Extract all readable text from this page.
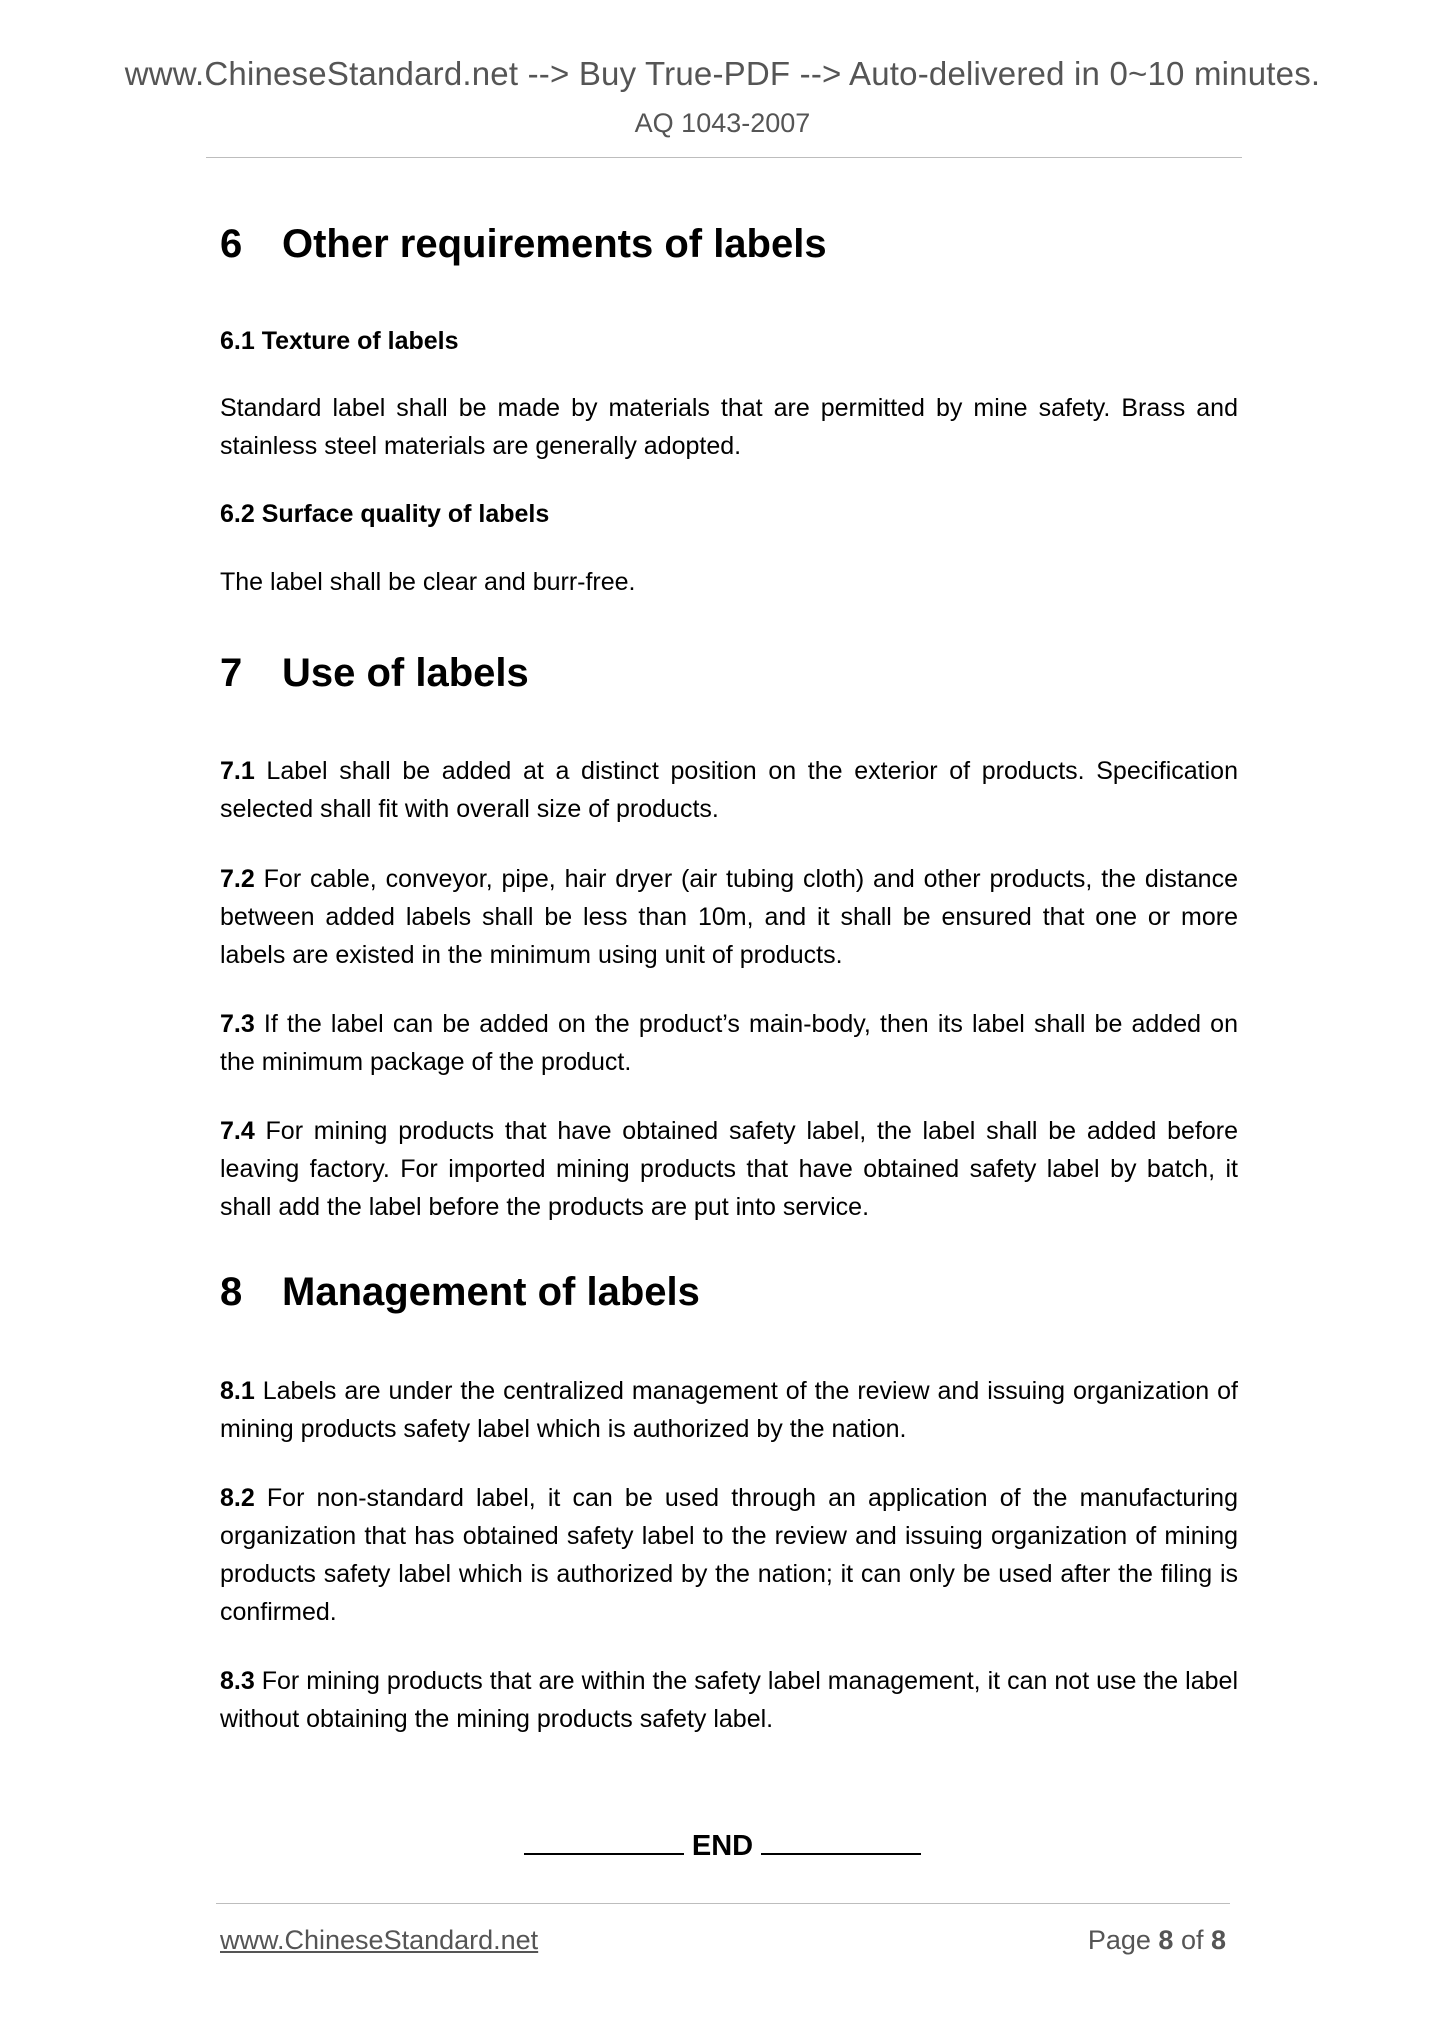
www.ChineseStandard.net --> Buy True-PDF --> Auto-delivered in 0~10 minutes.
AQ 1043-2007
6 Other requirements of labels
6.1 Texture of labels
Standard label shall be made by materials that are permitted by mine safety. Brass and stainless steel materials are generally adopted.
6.2 Surface quality of labels
The label shall be clear and burr-free.
7 Use of labels
7.1 Label shall be added at a distinct position on the exterior of products. Specification selected shall fit with overall size of products.
7.2 For cable, conveyor, pipe, hair dryer (air tubing cloth) and other products, the distance between added labels shall be less than 10m, and it shall be ensured that one or more labels are existed in the minimum using unit of products.
7.3 If the label can be added on the product’s main-body, then its label shall be added on the minimum package of the product.
7.4 For mining products that have obtained safety label, the label shall be added before leaving factory. For imported mining products that have obtained safety label by batch, it shall add the label before the products are put into service.
8 Management of labels
8.1 Labels are under the centralized management of the review and issuing organization of mining products safety label which is authorized by the nation.
8.2 For non-standard label, it can be used through an application of the manufacturing organization that has obtained safety label to the review and issuing organization of mining products safety label which is authorized by the nation; it can only be used after the filing is confirmed.
8.3 For mining products that are within the safety label management, it can not use the label without obtaining the mining products safety label.
END
www.ChineseStandard.net	Page 8 of 8
